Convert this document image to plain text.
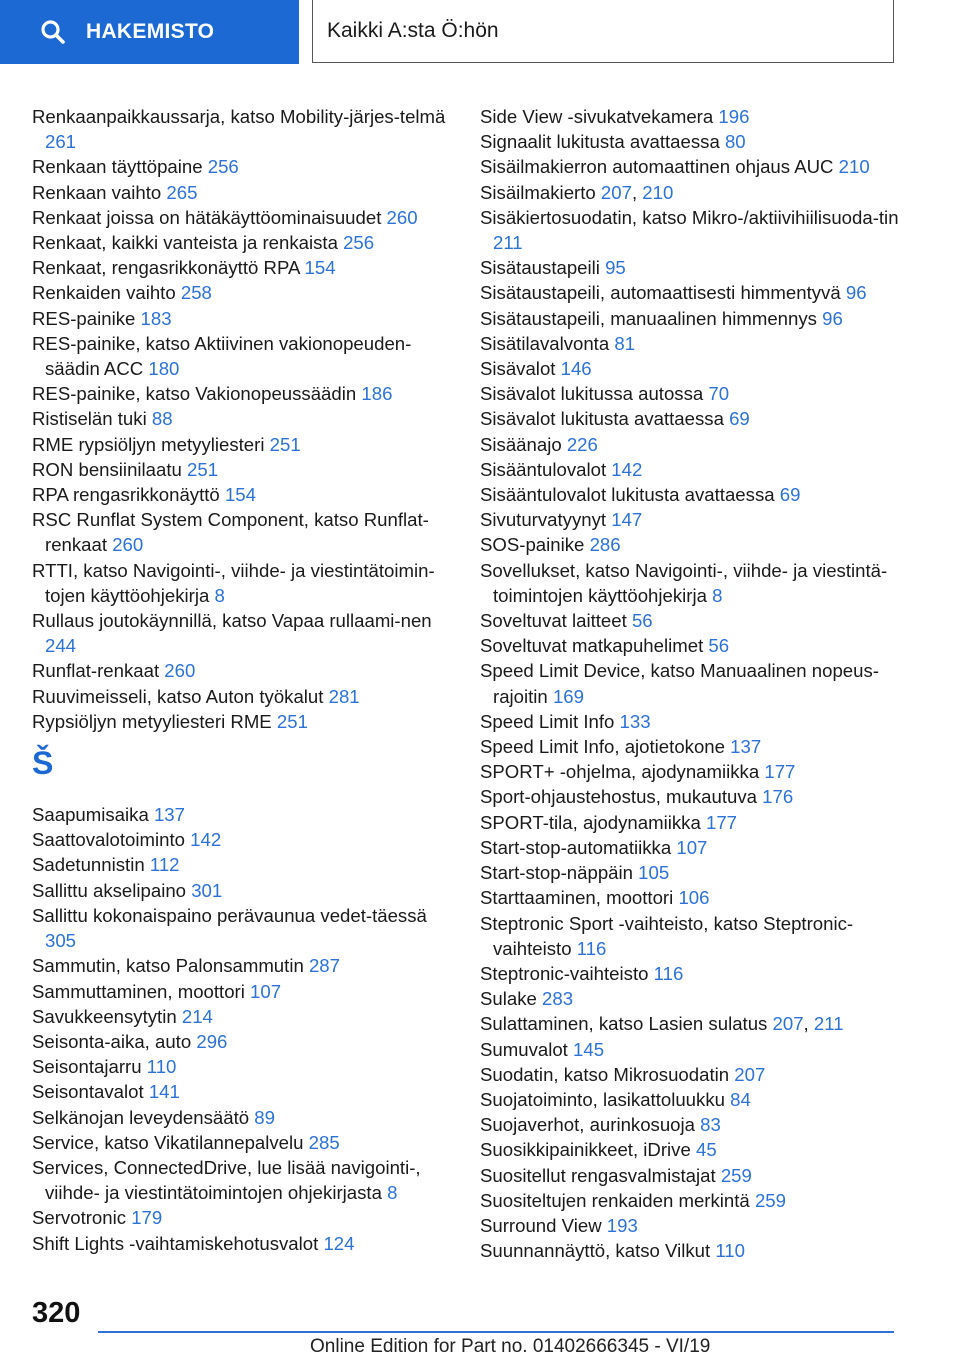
HAKEMISTO	Kaikki A:sta Ö:hön
Renkaanpaikkaussarja, katso Mobility-järjes-telmä 261
Renkaan täyttöpaine 256
Renkaan vaihto 265
Renkaat joissa on hätäkäyttöominaisuudet 260
Renkaat, kaikki vanteista ja renkaista 256
Renkaat, rengasrikkonäyttö RPA 154
Renkaiden vaihto 258
RES-painike 183
RES-painike, katso Aktiivinen vakionopeuden-säädin ACC 180
RES-painike, katso Vakionopeussäädin 186
Ristiselän tuki 88
RME rypsiöljyn metyyliesteri 251
RON bensiinilaatu 251
RPA rengasrikkonäyttö 154
RSC Runflat System Component, katso Runflat-renkaat 260
RTTI, katso Navigointi-, viihde- ja viestintätoimin-tojen käyttöohjekirja 8
Rullaus joutokäynnillä, katso Vapaa rullaami-nen 244
Runflat-renkaat 260
Ruuvimeisseli, katso Auton työkalut 281
Rypsiöljyn metyyliesteri RME 251
Š
Saapumisaika 137
Saattovalotoiminto 142
Sadetunnistin 112
Sallittu akselipaino 301
Sallittu kokonaispaino perävaunua vedet-täessä 305
Sammutin, katso Palonsammutin 287
Sammuttaminen, moottori 107
Savukkeensytytin 214
Seisonta-aika, auto 296
Seisontajarru 110
Seisontavalot 141
Selkänojan leveydensäätö 89
Service, katso Vikatilannepalvelu 285
Services, ConnectedDrive, lue lisää navigointi-, viihde- ja viestintätoimintojen ohjekirjasta 8
Servotronic 179
Shift Lights -vaihtamiskehotusvalot 124
Side View -sivukatvekamera 196
Signaalit lukitusta avattaessa 80
Sisäilmakierron automaattinen ohjaus AUC 210
Sisäilmakierto 207, 210
Sisäkiertosuodatin, katso Mikro-/aktiivihiilisuoda-tin 211
Sisätaustapeili 95
Sisätaustapeili, automaattisesti himmentyvä 96
Sisätaustapeili, manuaalinen himmennys 96
Sisätilavalvonta 81
Sisävalot 146
Sisävalot lukitussa autossa 70
Sisävalot lukitusta avattaessa 69
Sisäänajo 226
Sisääntulovalot 142
Sisääntulovalot lukitusta avattaessa 69
Sivuturvatyynyt 147
SOS-painike 286
Sovellukset, katso Navigointi-, viihde- ja viestintä-toimintojen käyttöohjekirja 8
Soveltuvat laitteet 56
Soveltuvat matkapuhelimet 56
Speed Limit Device, katso Manuaalinen nopeus-rajoitin 169
Speed Limit Info 133
Speed Limit Info, ajotietokone 137
SPORT+ -ohjelma, ajodynamiikka 177
Sport-ohjaustehostus, mukautuva 176
SPORT-tila, ajodynamiikka 177
Start-stop-automatiikka 107
Start-stop-näppäin 105
Starttaaminen, moottori 106
Steptronic Sport -vaihteisto, katso Steptronic-vaihteisto 116
Steptronic-vaihteisto 116
Sulake 283
Sulattaminen, katso Lasien sulatus 207, 211
Sumuvalot 145
Suodatin, katso Mikrosuodatin 207
Suojatoiminto, lasikattoluukku 84
Suojaverhot, aurinkosuoja 83
Suosikkipainikkeet, iDrive 45
Suositellut rengasvalmistajat 259
Suositeltujen renkaiden merkintä 259
Surround View 193
Suunnannäyttö, katso Vilkut 110
320
Online Edition for Part no. 01402666345 - VI/19
